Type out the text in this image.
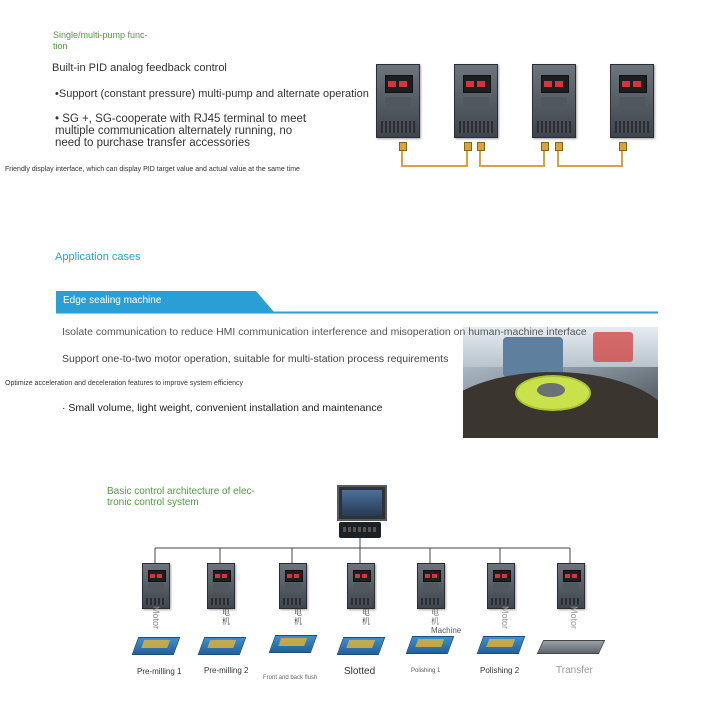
Single/multi-pump func-
tion
Built-in PID analog feedback control
•Support (constant pressure) multi-pump and alternate operation
• SG +, SG-cooperate with RJ45 terminal to meet
multiple communication alternately running, no
need to purchase transfer accessories
Friendly display interface, which can display PID target value and actual value at the same time
Application cases
Edge sealing machine
Isolate communication to reduce HMI communication interference and misoperation on human-machine interface
Support one-to-two motor operation, suitable for multi-station process requirements
Optimize acceleration and deceleration features to improve system efficiency
· Small volume, light weight, convenient installation and maintenance
Basic control architecture of elec-
tronic control system
Motor
Pre-milling 1
电
机
Pre-milling 2
电
机
Front and back flush
电
机
Slotted
电
机
Machine
Polishing 1
Motor
Polishing 2
Motor
Transfer
